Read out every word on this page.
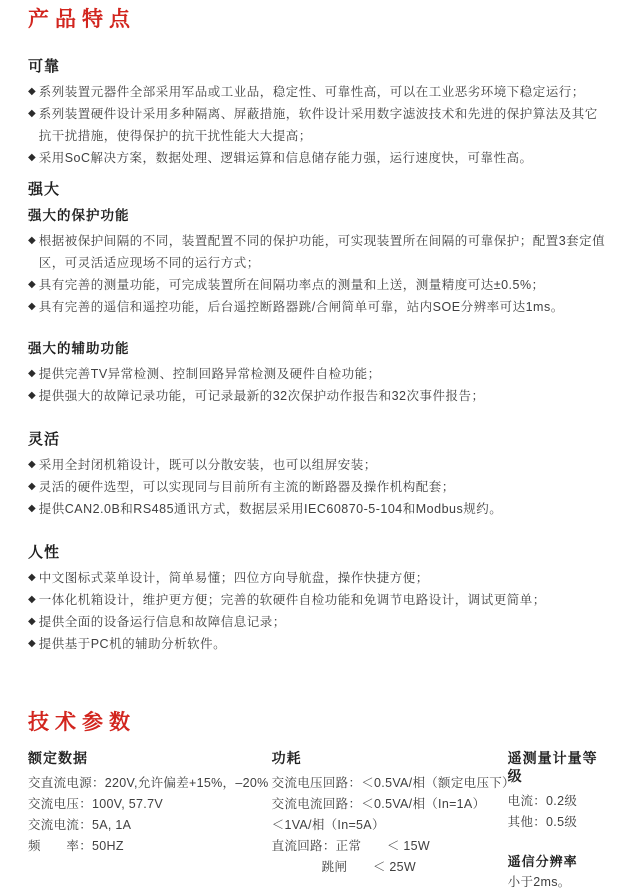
产品特点
可靠
◆ 系列装置元器件全部采用军品或工业品，稳定性、可靠性高，可以在工业恶劣环境下稳定运行；
◆ 系列装置硬件设计采用多种隔离、屏蔽措施，软件设计采用数字滤波技术和先进的保护算法及其它抗干扰措施，使得保护的抗干扰性能大大提高；
◆ 采用SoC解决方案，数据处理、逻辑运算和信息储存能力强，运行速度快，可靠性高。
强大
强大的保护功能
◆ 根据被保护间隔的不同，装置配置不同的保护功能，可实现装置所在间隔的可靠保护；配置3套定值区，可灵活适应现场不同的运行方式；
◆ 具有完善的测量功能，可完成装置所在间隔功率点的测量和上送，测量精度可达±0.5%；
◆ 具有完善的遥信和遥控功能，后台遥控断路器跳/合闸简单可靠，站内SOE分辨率可达1ms。
强大的辅助功能
◆ 提供完善TV异常检测、控制回路异常检测及硬件自检功能；
◆ 提供强大的故障记录功能，可记录最新的32次保护动作报告和32次事件报告；
灵活
◆ 采用全封闭机箱设计，既可以分散安装，也可以组屏安装；
◆ 灵活的硬件选型，可以实现同与目前所有主流的断路器及操作机构配套；
◆ 提供CAN2.0B和RS485通讯方式，数据层采用IEC60870-5-104和Modbus规约。
人性
◆ 中文图标式菜单设计，简单易懂；四位方向导航盘，操作快捷方便；
◆ 一体化机箱设计，维护更方便；完善的软硬件自检功能和免调节电路设计，调试更简单；
◆ 提供全面的设备运行信息和故障信息记录；
◆ 提供基于PC机的辅助分析软件。
技术参数
额定数据
交直流电源：220V,允许偏差+15%，–20%
交流电压：100V, 57.7V
交流电流：5A, 1A
频　　率：50HZ
功耗
交流电压回路：＜0.5VA/相（额定电压下）
交流电流回路：＜0.5VA/相（In=1A）
＜1VA/相（In=5A）
直流回路：正常　　＜ 15W
跳闸　　＜ 25W
遥测量计量等级
电流：0.2级
其他：0.5级
遥信分辨率
小于2ms。
